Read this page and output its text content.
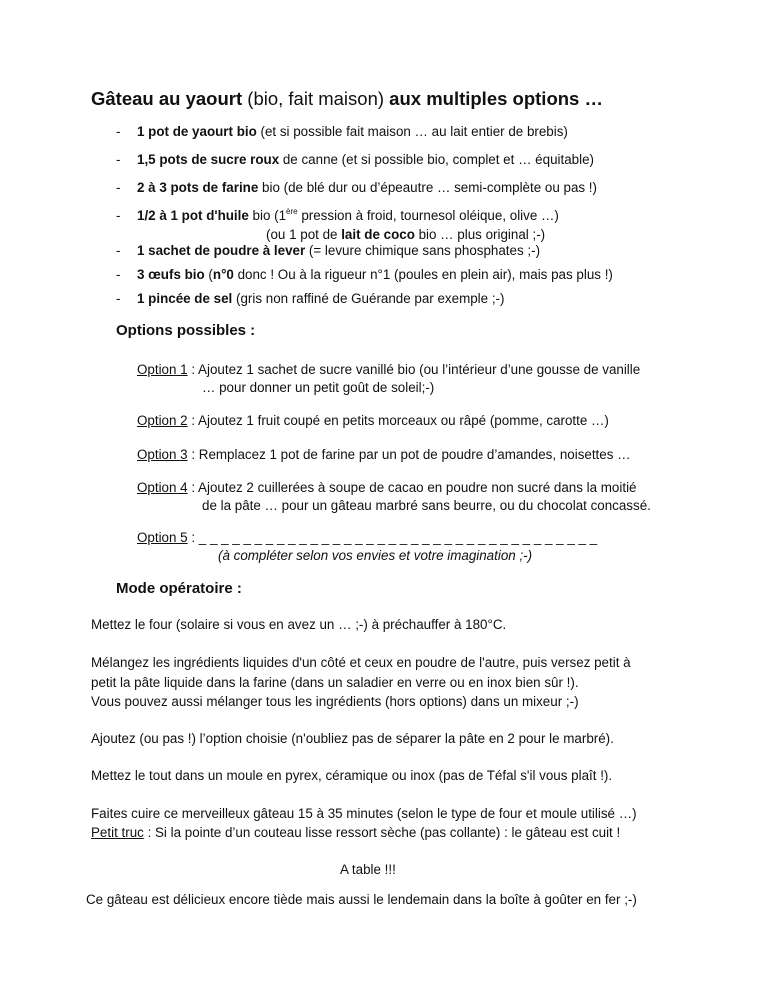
Gâteau au yaourt (bio, fait maison) aux multiples options …
- 1 pot de yaourt bio (et si possible fait maison … au lait entier de brebis)
- 1,5 pots de sucre roux de canne (et si possible bio, complet et … équitable)
- 2 à 3 pots de farine bio (de blé dur ou d’épeautre … semi-complète ou pas !)
- 1/2 à 1 pot d'huile bio (1ère pression à froid, tournesol oléique, olive …)
(ou 1 pot de lait de coco bio … plus original ;-)
- 1 sachet de poudre à lever (= levure chimique sans phosphates ;-)
- 3 œufs bio (n°0 donc ! Ou à la rigueur n°1 (poules en plein air), mais pas plus !)
- 1 pincée de sel (gris non raffiné de Guérande par exemple ;-)
Options possibles :
Option 1 : Ajoutez 1 sachet de sucre vanillé bio (ou l’intérieur d’une gousse de vanille
… pour donner un petit goût de soleil;-)
Option 2 : Ajoutez 1 fruit coupé en petits morceaux ou râpé (pomme, carotte …)
Option 3 : Remplacez 1 pot de farine par un pot de poudre d’amandes, noisettes …
Option 4 : Ajoutez 2 cuillerées à soupe de cacao en poudre non sucré dans la moitié
de la pâte … pour un gâteau marbré sans beurre, ou du chocolat concassé.
Option 5 : _ _ _ _ _ _ _ _ _ _ _ _ _ _ _ _ _ _ _ _ _ _ _ _ _ _ _ _ _ _ _ _ _ _ _ _
(à compléter selon vos envies et votre imagination ;-)
Mode opératoire :
Mettez le four (solaire si vous en avez un … ;-) à préchauffer à 180°C.
Mélangez les ingrédients liquides d'un côté et ceux en poudre de l'autre, puis versez petit à
petit la pâte liquide dans la farine (dans un saladier en verre ou en inox bien sûr !).
Vous pouvez aussi mélanger tous les ingrédients (hors options) dans un mixeur ;-)
Ajoutez (ou pas !) l’option choisie (n'oubliez pas de séparer la pâte en 2 pour le marbré).
Mettez le tout dans un moule en pyrex, céramique ou inox (pas de Téfal s'il vous plaît !).
Faites cuire ce merveilleux gâteau 15 à 35 minutes (selon le type de four et moule utilisé …)
Petit truc : Si la pointe d’un couteau lisse ressort sèche (pas collante) : le gâteau est cuit !
A table !!!
Ce gâteau est délicieux encore tiède mais aussi le lendemain dans la boîte à goûter en fer ;-)
